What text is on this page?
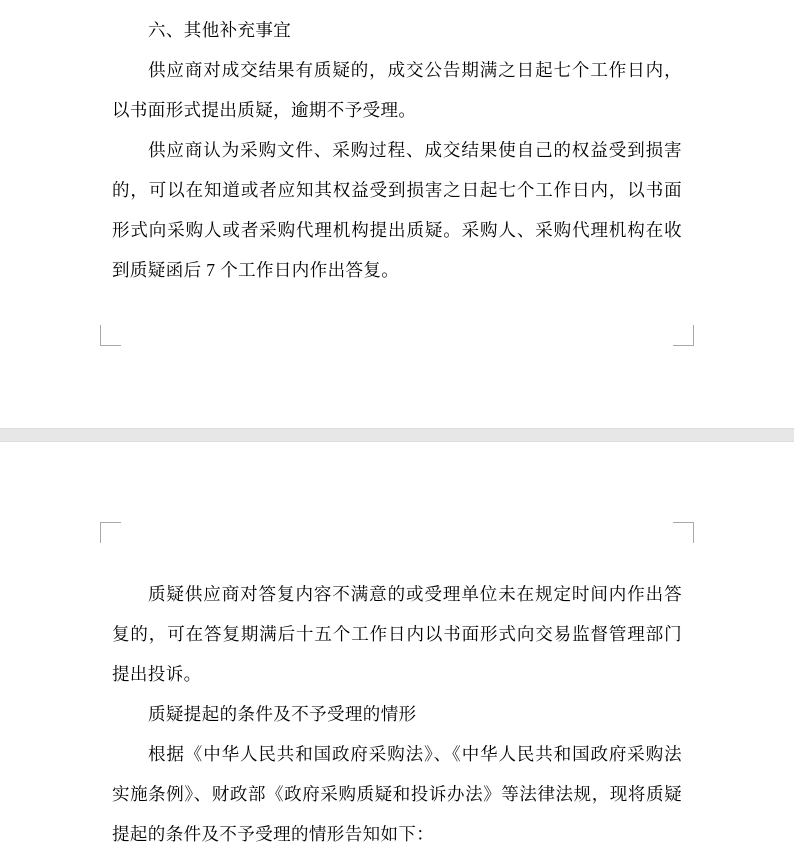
六、其他补充事宜

供应商对成交结果有质疑的，成交公告期满之日起七个工作日内，以书面形式提出质疑，逾期不予受理。

供应商认为采购文件、采购过程、成交结果使自己的权益受到损害的，可以在知道或者应知其权益受到损害之日起七个工作日内，以书面形式向采购人或者采购代理机构提出质疑。采购人、采购代理机构在收到质疑函后 7 个工作日内作出答复。

质疑供应商对答复内容不满意的或受理单位未在规定时间内作出答复的，可在答复期满后十五个工作日内以书面形式向交易监督管理部门提出投诉。

质疑提起的条件及不予受理的情形

根据《中华人民共和国政府采购法》、《中华人民共和国政府采购法实施条例》、财政部《政府采购质疑和投诉办法》等法律法规，现将质疑提起的条件及不予受理的情形告知如下：
